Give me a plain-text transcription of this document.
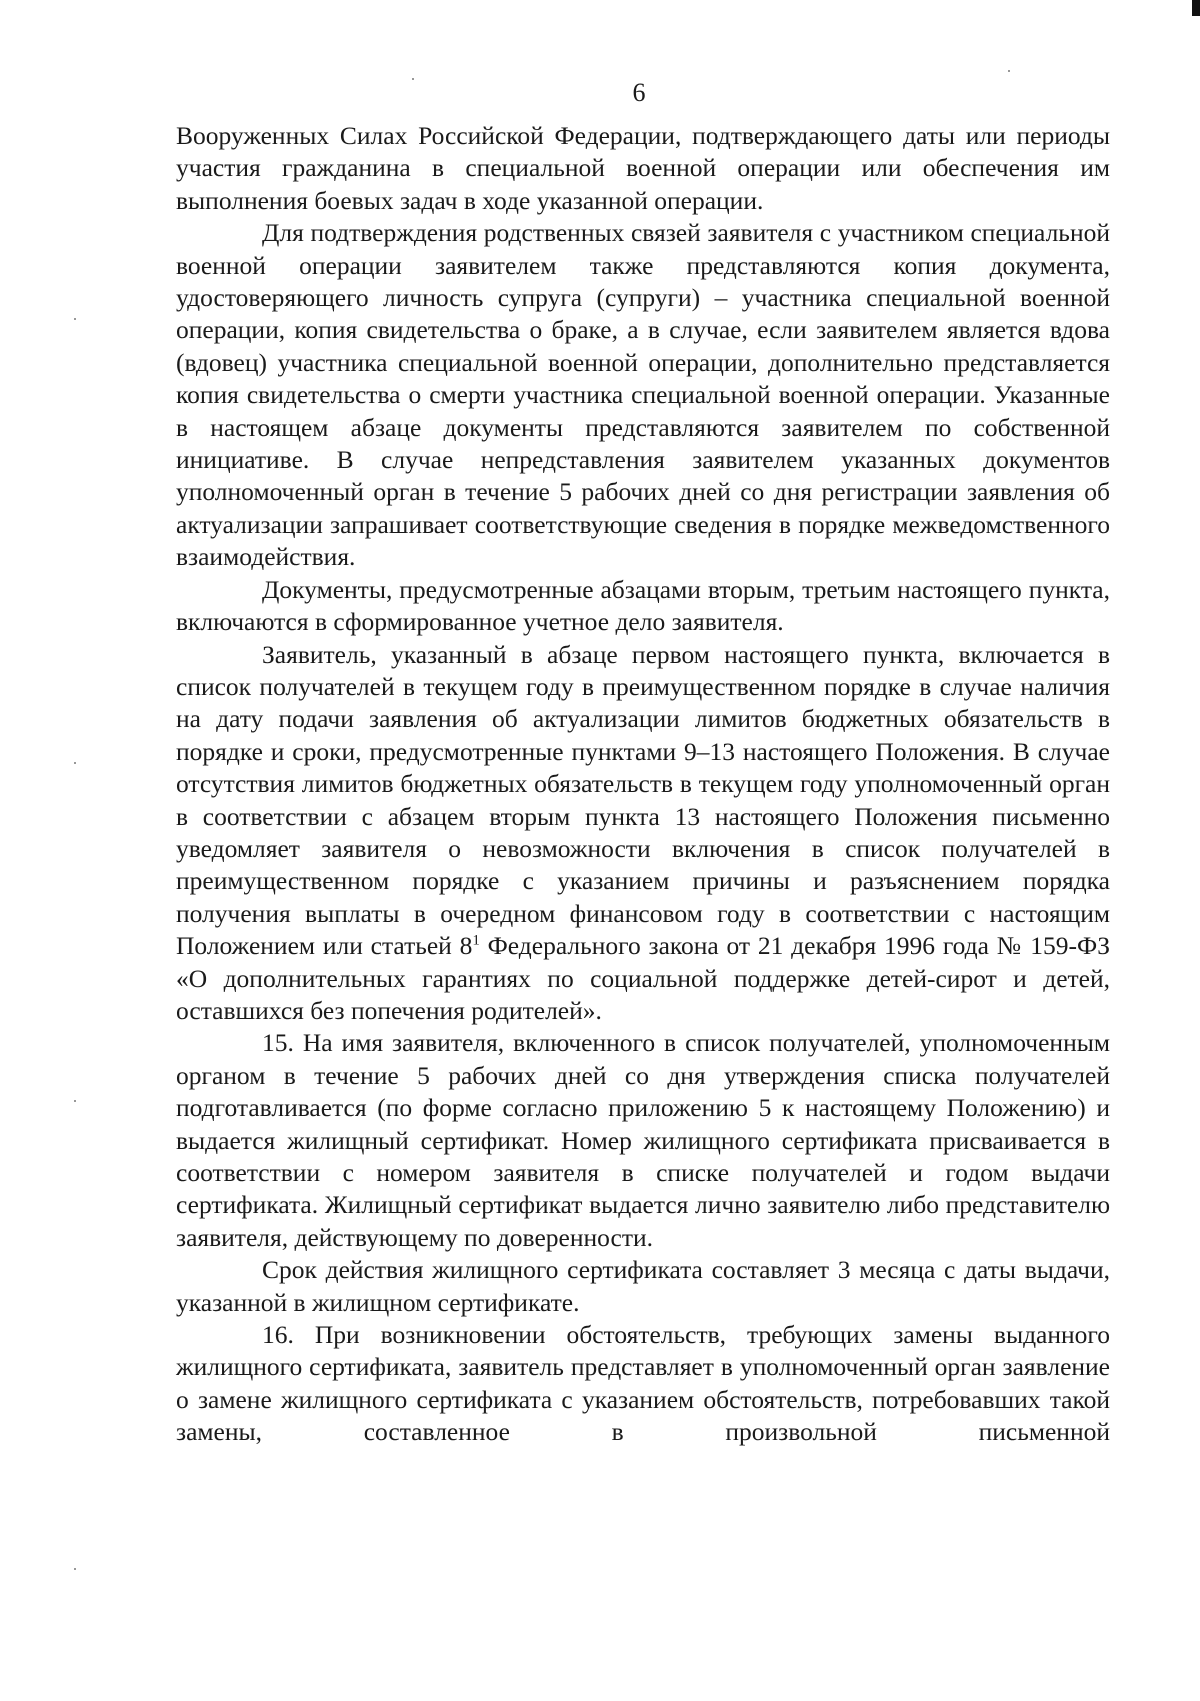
6

Вооруженных Силах Российской Федерации, подтверждающего даты или периоды участия гражданина в специальной военной операции или обеспечения им выполнения боевых задач в ходе указанной операции.

Для подтверждения родственных связей заявителя с участником специальной военной операции заявителем также представляются копия документа, удостоверяющего личность супруга (супруги) – участника специальной военной операции, копия свидетельства о браке, а в случае, если заявителем является вдова (вдовец) участника специальной военной операции, дополнительно представляется копия свидетельства о смерти участника специальной военной операции. Указанные в настоящем абзаце документы представляются заявителем по собственной инициативе. В случае непредставления заявителем указанных документов уполномоченный орган в течение 5 рабочих дней со дня регистрации заявления об актуализации запрашивает соответствующие сведения в порядке межведомственного взаимодействия.

Документы, предусмотренные абзацами вторым, третьим настоящего пункта, включаются в сформированное учетное дело заявителя.

Заявитель, указанный в абзаце первом настоящего пункта, включается в список получателей в текущем году в преимущественном порядке в случае наличия на дату подачи заявления об актуализации лимитов бюджетных обязательств в порядке и сроки, предусмотренные пунктами 9–13 настоящего Положения. В случае отсутствия лимитов бюджетных обязательств в текущем году уполномоченный орган в соответствии с абзацем вторым пункта 13 настоящего Положения письменно уведомляет заявителя о невозможности включения в список получателей в преимущественном порядке с указанием причины и разъяснением порядка получения выплаты в очередном финансовом году в соответствии с настоящим Положением или статьей $8^1$ Федерального закона от 21 декабря 1996 года № 159-ФЗ «О дополнительных гарантиях по социальной поддержке детей-сирот и детей, оставшихся без попечения родителей».

15. На имя заявителя, включенного в список получателей, уполномоченным органом в течение 5 рабочих дней со дня утверждения списка получателей подготавливается (по форме согласно приложению 5 к настоящему Положению) и выдается жилищный сертификат. Номер жилищного сертификата присваивается в соответствии с номером заявителя в списке получателей и годом выдачи сертификата. Жилищный сертификат выдается лично заявителю либо представителю заявителя, действующему по доверенности.

Срок действия жилищного сертификата составляет 3 месяца с даты выдачи, указанной в жилищном сертификате.

16. При возникновении обстоятельств, требующих замены выданного жилищного сертификата, заявитель представляет в уполномоченный орган заявление о замене жилищного сертификата с указанием обстоятельств, потребовавших такой замены, составленное в произвольной письменной
